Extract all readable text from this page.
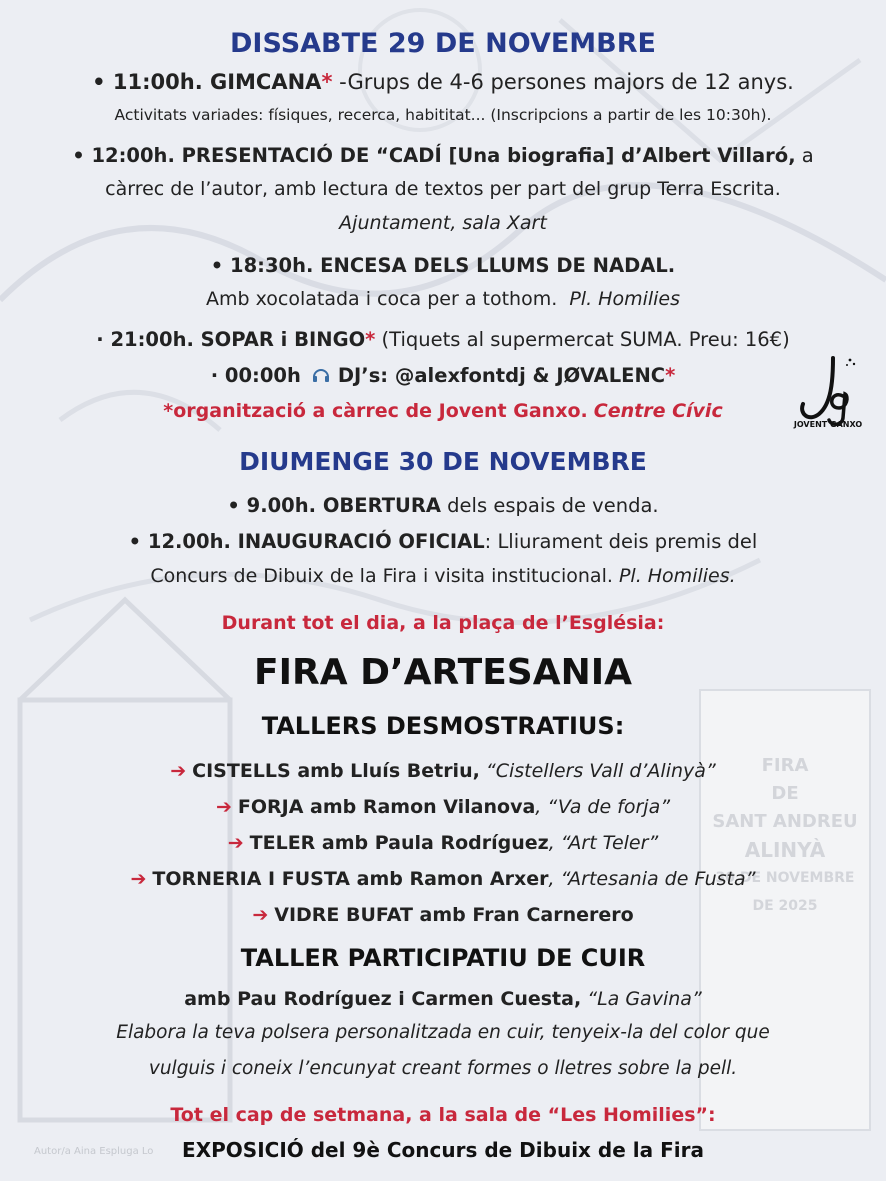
FIRA
DE
SANT ANDREU
ALINYÀ
30 DE NOVEMBRE
DE 2025
Autor/a Aina Espluga Lo
DISSABTE 29 DE NOVEMBRE
• 11:00h. GIMCANA* -Grups de 4-6 persones majors de 12 anys.
Activitats variades: físiques, recerca, habititat... (Inscripcions a partir de les 10:30h).
• 12:00h. PRESENTACIÓ DE “CADÍ [Una biografia] d’Albert Villaró, a
càrrec de l’autor, amb lectura de textos per part del grup Terra Escrita.
Ajuntament, sala Xart
• 18:30h. ENCESA DELS LLUMS DE NADAL.
Amb xocolatada i coca per a tothom. Pl. Homilies
· 21:00h. SOPAR i BINGO* (Tiquets al supermercat SUMA. Preu: 16€)
· 00:00h  DJ’s: @alexfontdj & JØVALENC*
*organització a càrrec de Jovent Ganxo. Centre Cívic
DIUMENGE 30 DE NOVEMBRE
• 9.00h. OBERTURA dels espais de venda.
• 12.00h. INAUGURACIÓ OFICIAL: Lliurament deis premis del
Concurs de Dibuix de la Fira i visita institucional. Pl. Homilies.
Durant tot el dia, a la plaça de l’Església:
FIRA D’ARTESANIA
TALLERS DESMOSTRATIUS:
➔ CISTELLS amb Lluís Betriu, “Cistellers Vall d’Alinyà”
➔ FORJA amb Ramon Vilanova, “Va de forja”
➔ TELER amb Paula Rodríguez, “Art Teler”
➔ TORNERIA I FUSTA amb Ramon Arxer, “Artesania de Fusta”
➔ VIDRE BUFAT amb Fran Carnerero
TALLER PARTICIPATIU DE CUIR
amb Pau Rodríguez i Carmen Cuesta, “La Gavina”
Elabora la teva polsera personalitzada en cuir, tenyeix-la del color que
vulguis i coneix l’encunyat creant formes o lletres sobre la pell.
Tot el cap de setmana, a la sala de “Les Homilies”:
EXPOSICIÓ del 9è Concurs de Dibuix de la Fira
JOVENT GANXO
